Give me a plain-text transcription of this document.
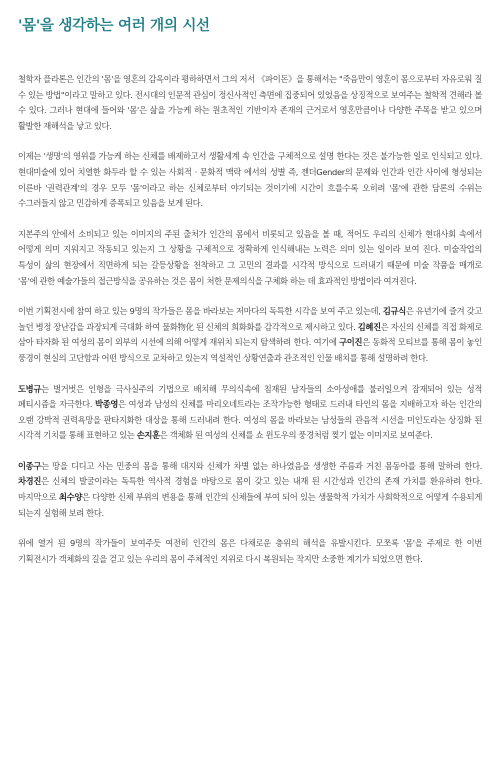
'몸'을 생각하는 여러 개의 시선

철학자 플라톤은 인간의 '몸'을 영혼의 감옥이라 평하하면서 그의 저서 《파이돈》을 통해서는 "죽음만이 영혼이 몸으로부터 자유로워 질 수 있는 방법"이라고 말하고 있다. 전시대의 인문적 관심이 정신사적인 측면에 집중되어 있었음을 상징적으로 보여주는 철학적 견해라 볼 수 있다. 그러나 현대에 들어와 '몸'은 삶을 가능케 하는 원초적인 기반이자 존재의 근거로서 영혼만큼이나 다양한 주목을 받고 있으며 활발한 재해석을 낳고 있다.

이제는 '생명'의 영위를 가능케 하는 신체를 배제하고서 생활세계 속 인간을 구체적으로 설명 한다는 것은 불가능한 일로 인식되고 있다. 현대미술에 있어 치열한 화두라 할 수 있는 사회적 · 문화적 맥락 에서의 성별 즉, 젠더Gender의 문제와 인간과 인간 사이에 형성되는 이른바 '권력관계'의 경우 모두 '몸'이라고 하는 신체로부터 야기되는 것이기에 시간이 흐를수록 오히려 '몸'에 관한 담론의 수위는 수그러들지 않고 민감하게 증폭되고 있음을 보게 된다.

지본주의 안에서 소비되고 있는 이미지의 주된 출처가 인간의 몸에서 비롯되고 있음을 볼 때, 적어도 우리의 신체가 현대사회 속에서 어떻게 의미 지워지고 작동되고 있는지 그 상황을 구체적으로 정확하게 인식해내는 노력은 의미 있는 일이라 보여 진다. 미술작업의 특성이 삶의 현장에서 직면하게 되는 갈등상황을 천착하고 그 고민의 결과를 시각적 방식으로 드러내기 때문에 미술 작품을 매개로 '몸'에 관한 예술가들의 접근방식을 공유하는 것은 몸이 처한 문제의식을 구체화 하는 데 효과적인 방법이라 여겨진다.

이번 기획전시에 참여 하고 있는 9명의 작가들은 몸을 바라보는 저마다의 독특한 시각을 보여 주고 있는데, 김규식은 유년기에 즐겨 갖고 놀던 병정 장난감을 과장되게 극대화 하여 물화物化 된 신체의 희화화를 감각적으로 제시하고 있다. 김혜진은 자신의 신체를 직접 화제로 삼아 타자화 된 여성의 몸이 외부의 시선에 의해 어떻게 재위치 되는지 탐색하려 한다. 여기에 구이진은 동화적 모티브를 통해 몸이 놓인 풍경이 현실의 고단함과 어떤 방식으로 교차하고 있는지 역설적인 상황연출과 관조적인 인물 배치를 통해 설명하려 한다.

도병규는 벌거벗은 인형을 극사실주의 기법으로 배치해 무의식속에 침재된 남자들의 소아성애를 불러일으켜 잠재되어 있는 성적 페티시즘을 자극한다. 박종영은 여성과 남성의 신체를 마리오네트라는 조작가능한 형태로 드러내 타인의 몸을 지배하고자 하는 인간의 오랜 강박적 권력욕망을 판타지화한 대상을 통해 드러내려 한다. 여성의 몸을 바라보는 남성들의 관음적 시선을 미인도라는 상징화 된 시각적 기치를 통해 표현하고 있는 손지훈은 객체화 된 여성의 신체를 쇼 윈도우의 풍경처럼 찢기 없는 이미지로 보여준다.

이종구는 땅을 디디고 사는 민중의 몸을 통해 대지와 신체가 차별 없는 하나였음을 생생한 주름과 거친 몸동아를 통해 말하려 한다. 차경진은 신체의 발굴이라는 독특한 역사적 경험을 바탕으로 몸이 갖고 있는 내재 된 시간성과 인간의 존재 가치를 환유하려 한다. 마지막으로 최수양은 다양한 신체 부위의 변용을 통해 인간의 신체들에 부여 되어 있는 생물학적 가치가 사회학적으로 어떻게 수용되게 되는지 실험해 보려 한다.

위에 열거 된 9명의 작가들이 보여주듯 여전히 인간의 몸은 다채로운 층위의 해석을 유발시킨다. 모쪼록 '몸'을 주제로 한 이번 기획전시가 객체화의 길을 걷고 있는 우리의 몸이 주체적인 지위로 다시 복원되는 작지만 소중한 계기가 되었으면 한다.
